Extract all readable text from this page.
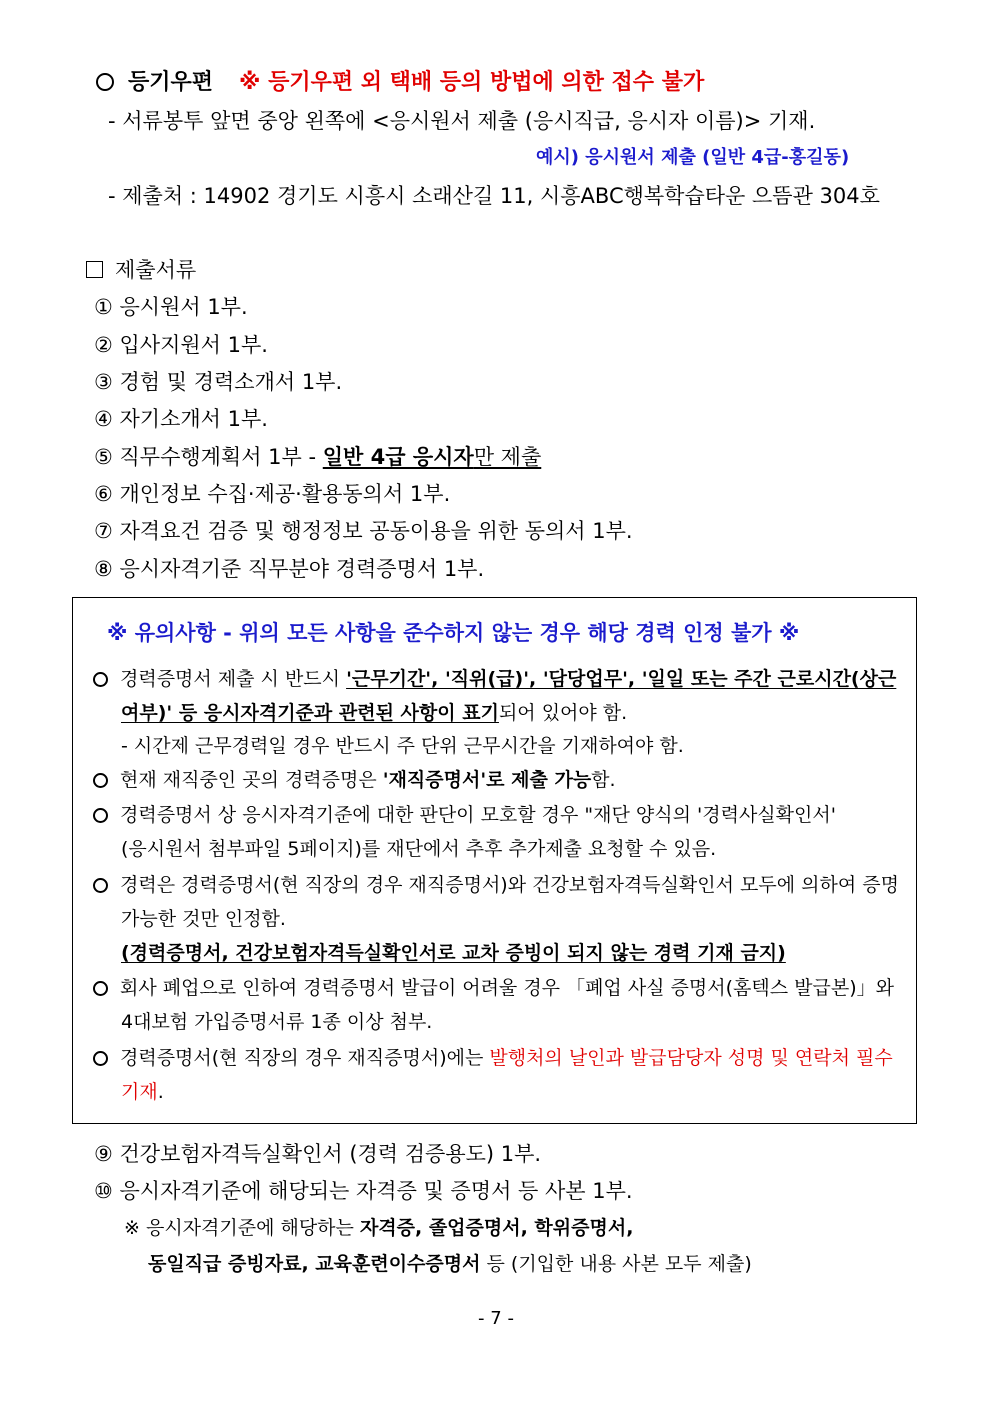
등기우편 ※ 등기우편 외 택배 등의 방법에 의한 접수 불가
- 서류봉투 앞면 중앙 왼쪽에 <응시원서 제출 (응시직급, 응시자 이름)> 기재.
예시) 응시원서 제출 (일반 4급-홍길동)
- 제출처 : 14902 경기도 시흥시 소래산길 11, 시흥ABC행복학습타운 으뜸관 304호
제출서류
① 응시원서 1부.
② 입사지원서 1부.
③ 경험 및 경력소개서 1부.
④ 자기소개서 1부.
⑤ 직무수행계획서 1부 - 일반 4급 응시자만 제출
⑥ 개인정보 수집·제공·활용동의서 1부.
⑦ 자격요건 검증 및 행정정보 공동이용을 위한 동의서 1부.
⑧ 응시자격기준 직무분야 경력증명서 1부.
※ 유의사항 - 위의 모든 사항을 준수하지 않는 경우 해당 경력 인정 불가 ※
경력증명서 제출 시 반드시 '근무기간', '직위(급)', '담당업무', '일일 또는 주간 근로시간(상근
여부)' 등 응시자격기준과 관련된 사항이 표기되어 있어야 함.
- 시간제 근무경력일 경우 반드시 주 단위 근무시간을 기재하여야 함.
현재 재직중인 곳의 경력증명은 '재직증명서'로 제출 가능함.
경력증명서 상 응시자격기준에 대한 판단이 모호할 경우 "재단 양식의 '경력사실확인서'
(응시원서 첨부파일 5페이지)를 재단에서 추후 추가제출 요청할 수 있음.
경력은 경력증명서(현 직장의 경우 재직증명서)와 건강보험자격득실확인서 모두에 의하여 증명
가능한 것만 인정함.
(경력증명서, 건강보험자격득실확인서로 교차 증빙이 되지 않는 경력 기재 금지)
회사 폐업으로 인하여 경력증명서 발급이 어려울 경우 「폐업 사실 증명서(홈텍스 발급본)」와
4대보험 가입증명서류 1종 이상 첨부.
경력증명서(현 직장의 경우 재직증명서)에는 발행처의 날인과 발급담당자 성명 및 연락처 필수
기재.
⑨ 건강보험자격득실확인서 (경력 검증용도) 1부.
⑩ 응시자격기준에 해당되는 자격증 및 증명서 등 사본 1부.
※ 응시자격기준에 해당하는 자격증, 졸업증명서, 학위증명서,
동일직급 증빙자료, 교육훈련이수증명서 등 (기입한 내용 사본 모두 제출)
- 7 -
